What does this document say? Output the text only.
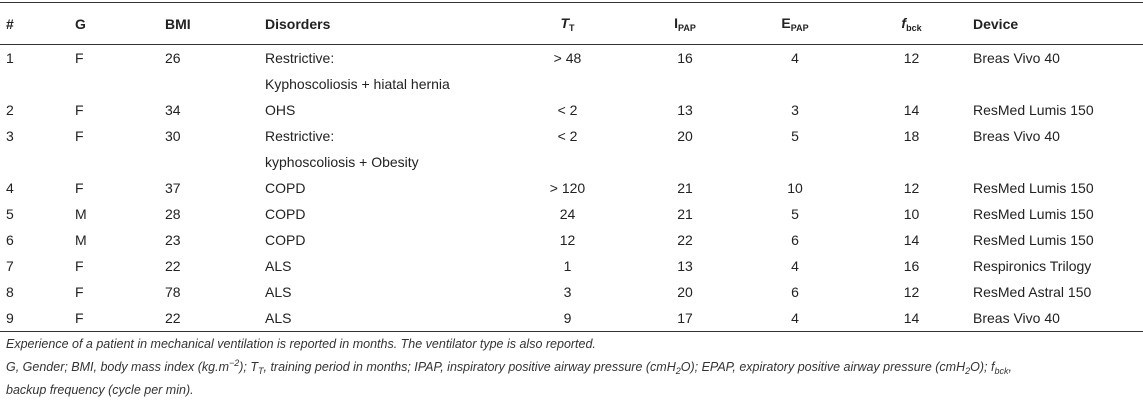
#	G	BMI	Disorders	$T_T$	$I_{PAP}$	$E_{PAP}$	$f_{bck}$	Device
1	F	26	Restrictive:	> 48	16	4	12	Breas Vivo 40
			Kyphoscoliosis + hiatal hernia					
2	F	34	OHS	< 2	13	3	14	ResMed Lumis 150
3	F	30	Restrictive:	< 2	20	5	18	Breas Vivo 40
			kyphoscoliosis + Obesity					
4	F	37	COPD	> 120	21	10	12	ResMed Lumis 150
5	M	28	COPD	24	21	5	10	ResMed Lumis 150
6	M	23	COPD	12	22	6	14	ResMed Lumis 150
7	F	22	ALS	1	13	4	16	Respironics Trilogy
8	F	78	ALS	3	20	6	12	ResMed Astral 150
9	F	22	ALS	9	17	4	14	Breas Vivo 40

Experience of a patient in mechanical ventilation is reported in months. The ventilator type is also reported.

G, Gender; BMI, body mass index $(kg.m^{-2})$; $T_T$, training period in months; IPAP, inspiratory positive airway pressure (cmH$_2$O); EPAP, expiratory positive airway pressure (cmH$_2$O); $f_{bck}$,

backup frequency (cycle per min).
